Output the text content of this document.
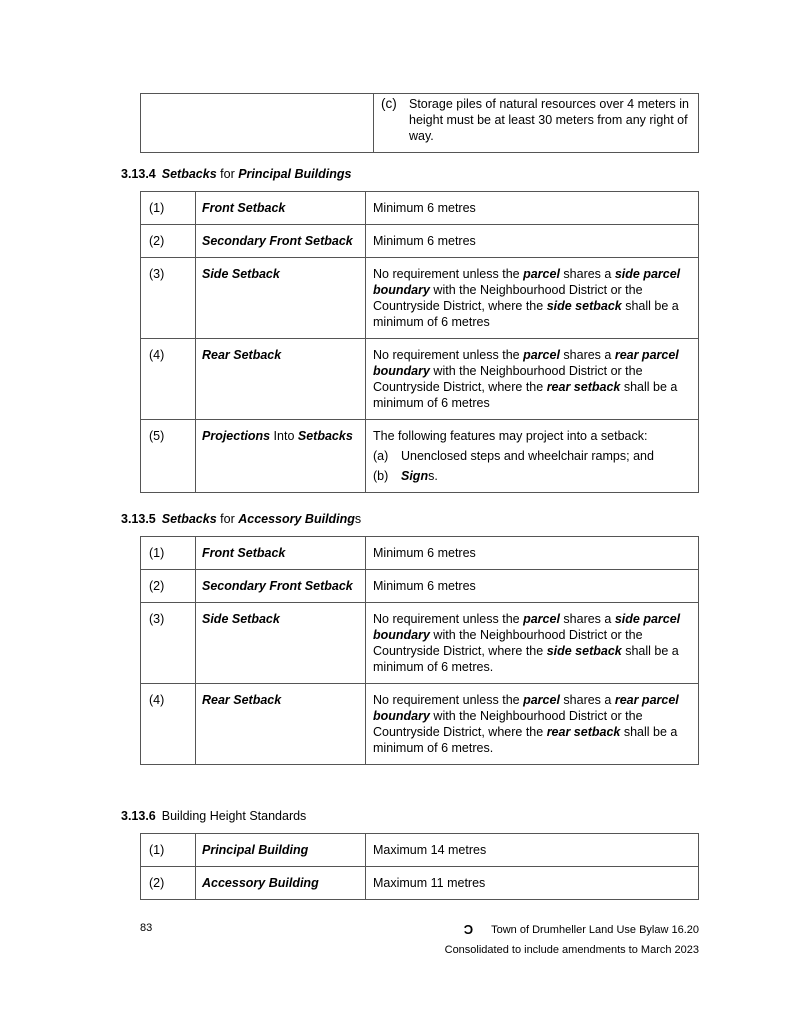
(c) Storage piles of natural resources over 4 meters in height must be at least 30 meters from any right of way.
3.13.4 Setbacks for Principal Buildings
3.13.5 Setbacks for Accessory Buildings
3.13.6 Building Height Standards
(1)	Front Setback	Minimum 6 metres

(2)	Secondary Front Setback	Minimum 6 metres

(3)	Side Setback	No requirement unless the parcel shares a side parcel boundary with the Neighbourhood District or the Countryside District, where the side setback shall be a minimum of 6 metres

(4)	Rear Setback	No requirement unless the parcel shares a rear parcel boundary with the Neighbourhood District or the Countryside District, where the rear setback shall be a minimum of 6 metres

(5)	Projections Into Setbacks	The following features may project into a setback:
(a) Unenclosed steps and wheelchair ramps; and
(b) Signs.
(1)	Front Setback	Minimum 6 metres

(2)	Secondary Front Setback	Minimum 6 metres

(3)	Side Setback	No requirement unless the parcel shares a side parcel boundary with the Neighbourhood District or the Countryside District, where the side setback shall be a minimum of 6 metres.

(4)	Rear Setback	No requirement unless the parcel shares a rear parcel boundary with the Neighbourhood District or the Countryside District, where the rear setback shall be a minimum of 6 metres.
(1)	Principal Building	Maximum 14 metres

(2)	Accessory Building	Maximum 11 metres
83	Ɔ Town of Drumheller Land Use Bylaw 16.20
Consolidated to include amendments to March 2023
